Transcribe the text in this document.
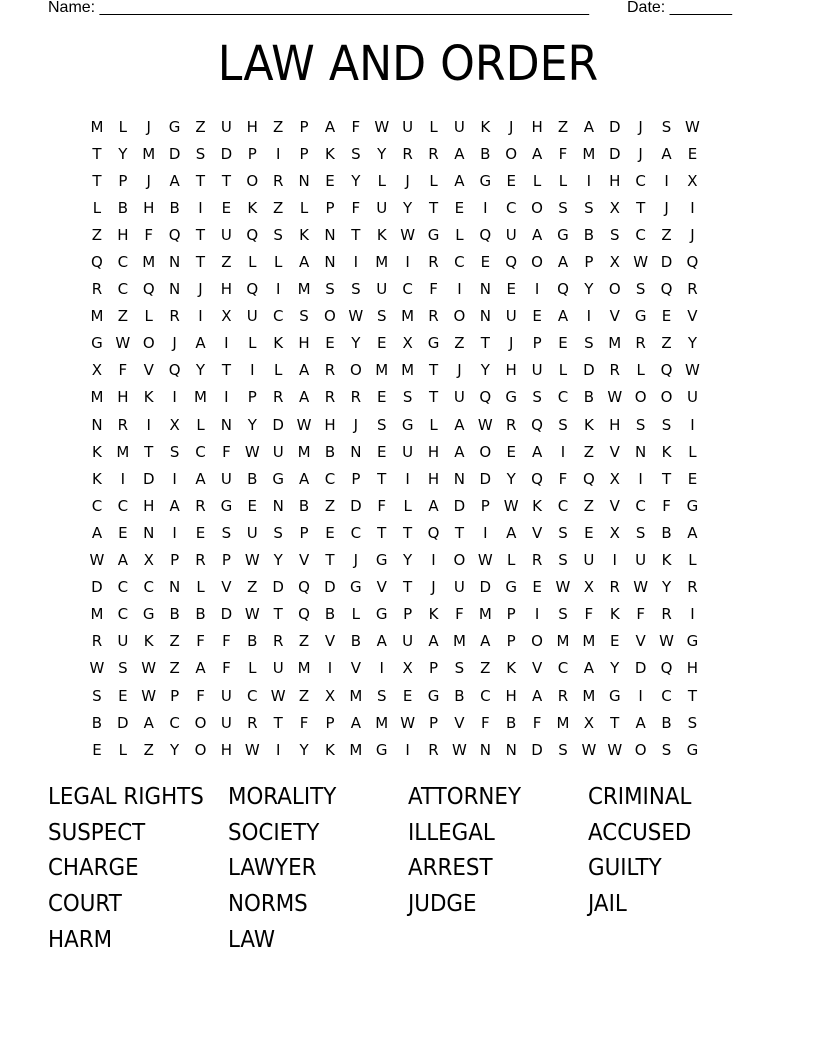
Name: _______________________________________________________ Date: _______
LAW AND ORDER
M	L	J	G Z	U H	Z	P	A	F W U	L	U	K	J	H	Z	A D	J	S W
T	Y M D	S	D	P	I	P	K	S	Y	R	R	A	B O A	F	M D	J	A	E
T	P	J	A	T	T	O R	N	E	Y	L	J	L	A G	E	L	L	I	H	C	I	X
L	B	H	B	I	E	K	Z	L	P	F	U	Y	T	E	I	C O	S	S	X	T	J	I
Z	H	F	Q	T	U Q	S	K	N	T	K W G	L	Q U	A G B	S	C	Z	J
Q C M N	T	Z	L	L	A	N	I	M	I	R	C	E	Q O A	P	X W D Q
R	C Q N	J	H Q	I	M S	S	U	C	F	I	N	E	I	Q	Y	O	S	Q R
M Z	L	R	I	X	U	C	S	O W S M R O N U	E	A	I	V G	E	V
G W O	J	A	I	L	K	H	E	Y	E	X G Z	T	J	P	E	S M R	Z	Y
X	F	V Q	Y	T	I	L	A	R O M M T	J	Y	H U	L	D R	L	Q W
M H	K	I	M	I	P	R	A	R	R	E	S	T	U Q G	S	C	B W O O U
N	R	I	X	L	N	Y	D W H	J	S	G	L	A W R Q	S	K	H	S	S	I
K M T	S	C	F W U M B	N	E	U H	A O	E	A	I	Z	V	N	K	L
K	I	D	I	A	U	B G A	C	P	T	I	H N D	Y	Q	F	Q X	I	T	E
C	C	H	A	R G	E	N	B	Z D	F	L	A D	P W K	C	Z	V	C	F	G
A	E	N	I	E	S	U	S	P	E	C	T	T	Q	T	I	A	V	S	E	X	S	B	A
W A	X	P	R	P W Y	V	T	J	G	Y	I	O W L	R	S	U	I	U	K	L
D C	C	N	L	V	Z D Q D G V	T	J	U D G	E W X	R W Y	R
M C G B	B D W T	Q B	L	G	P	K	F	M P	I	S	F	K	F	R	I
R	U	K	Z	F	F	B	R	Z	V	B	A	U	A M A	P	O M M E	V W G
W S W Z	A	F	L	U M	I	V	I	X	P	S	Z	K	V	C	A	Y	D Q H
S	E W P	F	U	C W Z	X M S	E	G B	C	H	A	R M G	I	C	T
B D A	C O U	R	T	F	P	A M W P	V	F	B	F	M X	T	A	B	S
E	L	Z	Y	O H W	I	Y	K M G	I	R W N N D	S W W O	S	G
LEGAL RIGHTS	MORALITY	ATTORNEY	CRIMINAL
SUSPECT	SOCIETY	ILLEGAL	ACCUSED
CHARGE	LAWYER	ARREST	GUILTY
COURT	NORMS	JUDGE	JAIL
HARM	LAW
